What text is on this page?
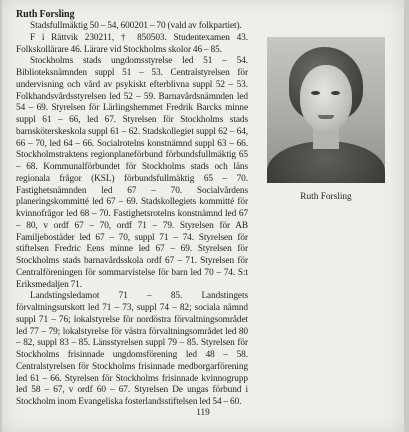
Ruth Forsling

Stadsfullmäktig 50 – 54, 600201 – 70 (vald av folkpartiet).

F i Rättvik 230211, † 850503. Studentexamen 43. Folkskollärare 46. Lärare vid Stockholms skolor 46 – 85.

Stockholms stads ungdomsstyrelse led 51 – 54. Biblioteksnämnden suppl 51 – 53. Centralstyrelsen för undervisning och vård av psykiskt efterblivna suppl 52 – 53. Folkhandsvårdsstyrelsen led 52 – 59. Barnavårdsnämnden led 54 – 69. Styrelsen för Lärlingshemmet Fredrik Barcks minne suppl 61 – 66, led 67. Styrelsen för Stockholms stads barnsköterskeskola suppl 61 – 62. Stadskollegiet suppl 62 – 64, 66 – 70, led 64 – 66. Socialrotelns konstnämnd suppl 63 – 66. Stockholmstraktens regionplaneförbund förbundsfullmäktig 65 – 68. Kommunalförbundet för Stockholms stads och läns regionala frågor (KSL) förbundsfullmäktig 65 – 70. Fastighetsnämnden led 67 – 70. Socialvårdens planeringskommitté led 67 – 69. Stadskollegiets kommitté för kvinnofrågor led 68 – 70. Fastighetsrotelns konstnämnd led 67 – 80, v ordf 67 – 70, ordf 71 – 79. Styrelsen för AB Familjebostäder led 67 – 70, suppl 71 – 74. Styrelsen för stiftelsen Fredric Eens minne led 67 – 69. Styrelsen för Stockholms stads barnavårdsskola ordf 67 – 71. Styrelsen för Centralföreningen för sommarvistelse för barn led 70 – 74. S:t Eriksmedaljen 71.

Landstingsledamot 71 – 85. Landstingets förvaltningsutskott led 71 – 73, suppl 74 – 82; sociala nämnd suppl 71 – 76; lokalstyrelse för nordöstra förvaltningsområdet led 77 – 79; lokalstyrelse för västra förvaltningsområdet led 80 – 82, suppl 83 – 85. Länsstyrelsen suppl 79 – 85. Styrelsen för Stockholms frisinnade ungdomsförening led 48 – 58. Centralstyrelsen för Stockholms frisinnade medborgarförening led 61 – 66. Styrelsen för Stockholms frisinnade kvinnogrupp led 58 – 67, v ordf 60 – 67. Styrelsen De ungas förbund i Stockholm inom Evangeliska fosterlandsstiftelsen led 54 – 60.

Ruth Forsling
119
